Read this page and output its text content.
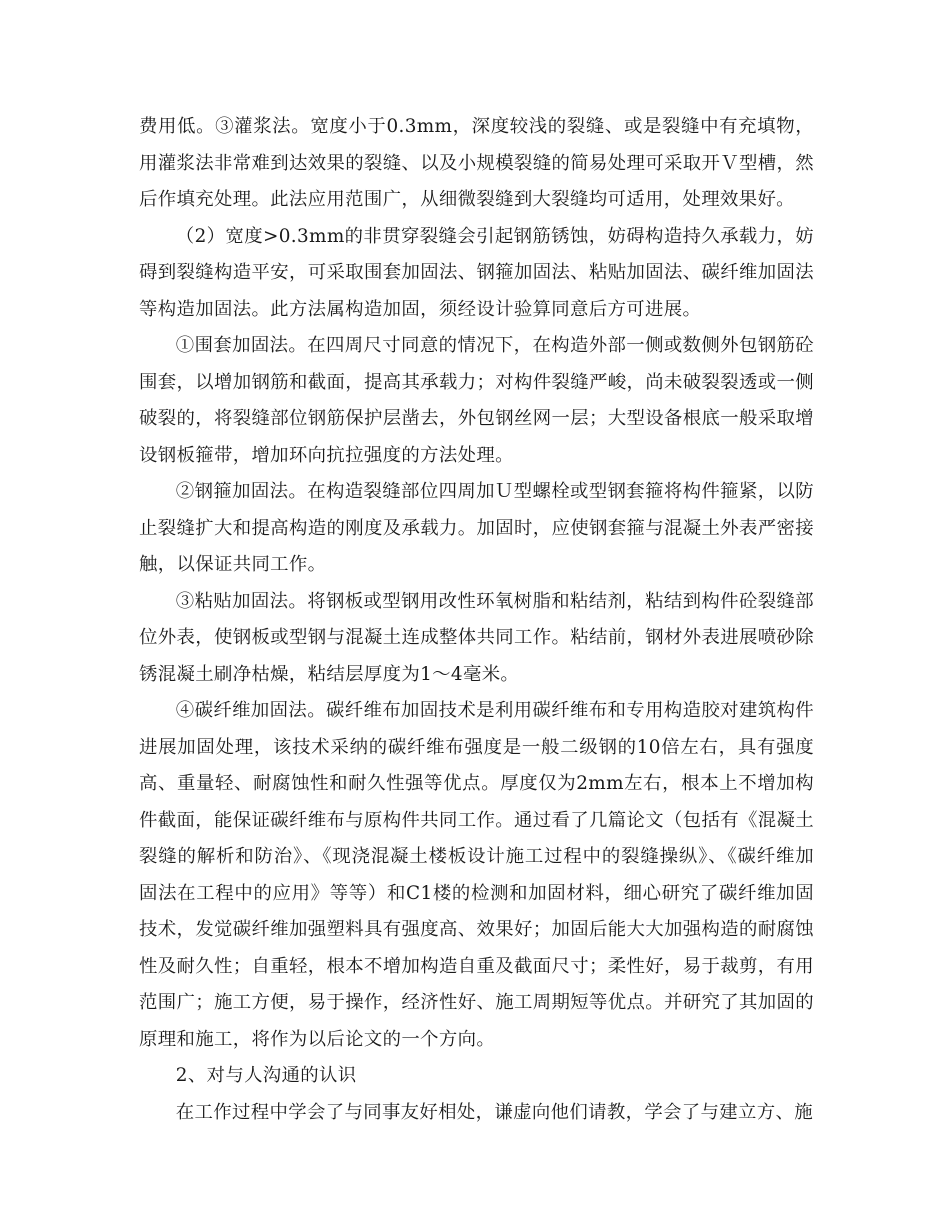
费用低。③灌浆法。宽度小于0.3mm，深度较浅的裂缝、或是裂缝中有充填物，用灌浆法非常难到达效果的裂缝、以及小规模裂缝的简易处理可采取开Ｖ型槽，然后作填充处理。此法应用范围广，从细微裂缝到大裂缝均可适用，处理效果好。

（2）宽度>0.3mm的非贯穿裂缝会引起钢筋锈蚀，妨碍构造持久承载力，妨碍到裂缝构造平安，可采取围套加固法、钢箍加固法、粘贴加固法、碳纤维加固法等构造加固法。此方法属构造加固，须经设计验算同意后方可进展。

①围套加固法。在四周尺寸同意的情况下，在构造外部一侧或数侧外包钢筋砼围套，以增加钢筋和截面，提高其承载力；对构件裂缝严峻，尚未破裂裂透或一侧破裂的，将裂缝部位钢筋保护层凿去，外包钢丝网一层；大型设备根底一般采取增设钢板箍带，增加环向抗拉强度的方法处理。

②钢箍加固法。在构造裂缝部位四周加Ｕ型螺栓或型钢套箍将构件箍紧，以防止裂缝扩大和提高构造的刚度及承载力。加固时，应使钢套箍与混凝土外表严密接触，以保证共同工作。

③粘贴加固法。将钢板或型钢用改性环氧树脂和粘结剂，粘结到构件砼裂缝部位外表，使钢板或型钢与混凝土连成整体共同工作。粘结前，钢材外表进展喷砂除锈混凝土刷净枯燥，粘结层厚度为1～4毫米。

④碳纤维加固法。碳纤维布加固技术是利用碳纤维布和专用构造胶对建筑构件进展加固处理，该技术采纳的碳纤维布强度是一般二级钢的10倍左右，具有强度高、重量轻、耐腐蚀性和耐久性强等优点。厚度仅为2mm左右，根本上不增加构件截面，能保证碳纤维布与原构件共同工作。通过看了几篇论文（包括有《混凝土裂缝的解析和防治》、《现浇混凝土楼板设计施工过程中的裂缝操纵》、《碳纤维加固法在工程中的应用》等等）和C1楼的检测和加固材料，细心研究了碳纤维加固技术，发觉碳纤维加强塑料具有强度高、效果好；加固后能大大加强构造的耐腐蚀性及耐久性；自重轻，根本不增加构造自重及截面尺寸；柔性好，易于裁剪，有用范围广；施工方便，易于操作，经济性好、施工周期短等优点。并研究了其加固的原理和施工，将作为以后论文的一个方向。

2、对与人沟通的认识

在工作过程中学会了与同事友好相处，谦虚向他们请教，学会了与建立方、施
